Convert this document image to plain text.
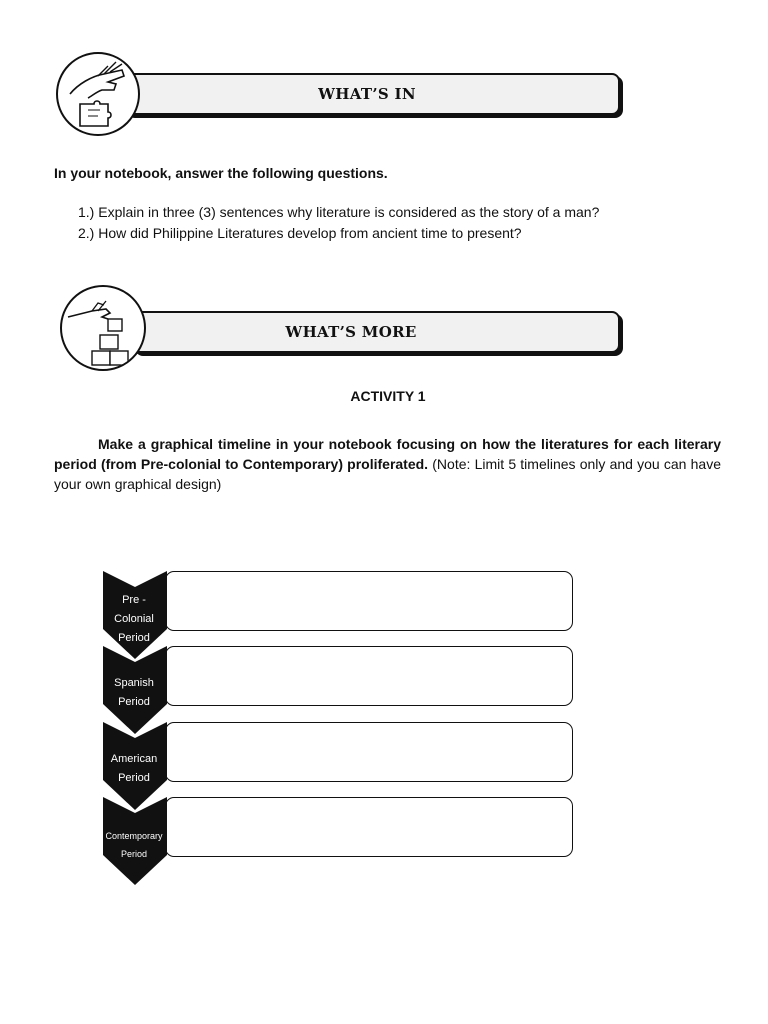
WHAT’S IN
In your notebook, answer the following questions.
1.) Explain in three (3) sentences why literature is considered as the story of a man?
2.) How did Philippine Literatures develop from ancient time to present?
WHAT’S MORE
ACTIVITY 1
Make a graphical timeline in your notebook focusing on how the literatures for each literary period (from Pre-colonial to Contemporary) proliferated. (Note: Limit 5 timelines only and you can have your own graphical design)
Pre -
Colonial
Period
Spanish
Period
American
Period
Contemporary
Period
